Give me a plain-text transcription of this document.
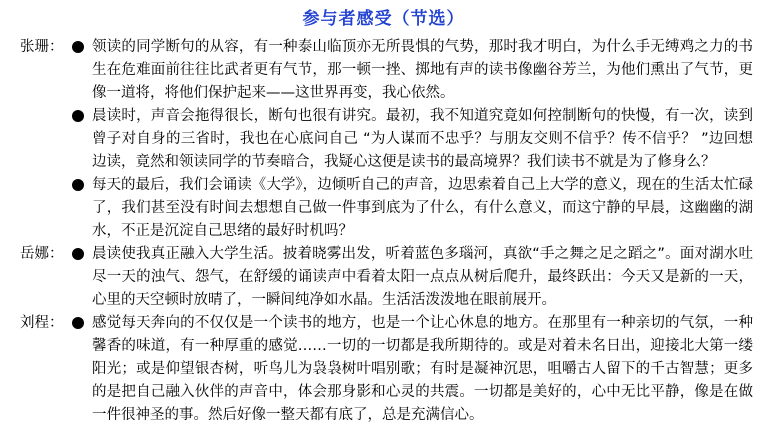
参与者感受（节选）
张珊： 领读的同学断句的从容，有一种泰山临顶亦无所畏惧的气势，那时我才明白，为什么手无缚鸡之力的书生在危难面前往往比武者更有气节，那一顿一挫、掷地有声的读书像幽谷芳兰，为他们熏出了气节，更像一道将，将他们保护起来——这世界再变，我心依然。
晨读时，声音会拖得很长，断句也很有讲究。最初，我不知道究竟如何控制断句的快慢，有一次，读到曾子对自身的三省时，我也在心底问自己 “为人谋而不忠乎？与朋友交则不信乎？传不信乎？ ”边回想边读，竟然和领读同学的节奏暗合，我疑心这便是读书的最高境界？我们读书不就是为了修身么？
每天的最后，我们会诵读《大学》，边倾听自己的声音，边思索着自己上大学的意义，现在的生活太忙碌了，我们甚至没有时间去想想自己做一件事到底为了什么，有什么意义，而这宁静的早晨，这幽幽的湖水，不正是沉淀自己思绪的最好时机吗？
岳娜： 晨读使我真正融入大学生活。披着晓雾出发，听着蓝色多瑙河，真欲“手之舞之足之蹈之”。面对湖水吐尽一天的浊气、怨气，在舒缓的诵读声中看着太阳一点点从树后爬升，最终跃出：今天又是新的一天，心里的天空顿时放晴了，一瞬间纯净如水晶。生活活泼泼地在眼前展开。
刘程： 感觉每天奔向的不仅仅是一个读书的地方，也是一个让心休息的地方。在那里有一种亲切的气氛，一种馨香的味道，有一种厚重的感觉……一切的一切都是我所期待的。或是对着未名日出，迎接北大第一缕阳光；或是仰望银杏树，听鸟儿为袅袅树叶唱别歌；有时是凝神沉思，咀嚼古人留下的千古智慧；更多的是把自己融入伙伴的声音中，体会那身影和心灵的共震。一切都是美好的，心中无比平静，像是在做一件很神圣的事。然后好像一整天都有底了，总是充满信心。
